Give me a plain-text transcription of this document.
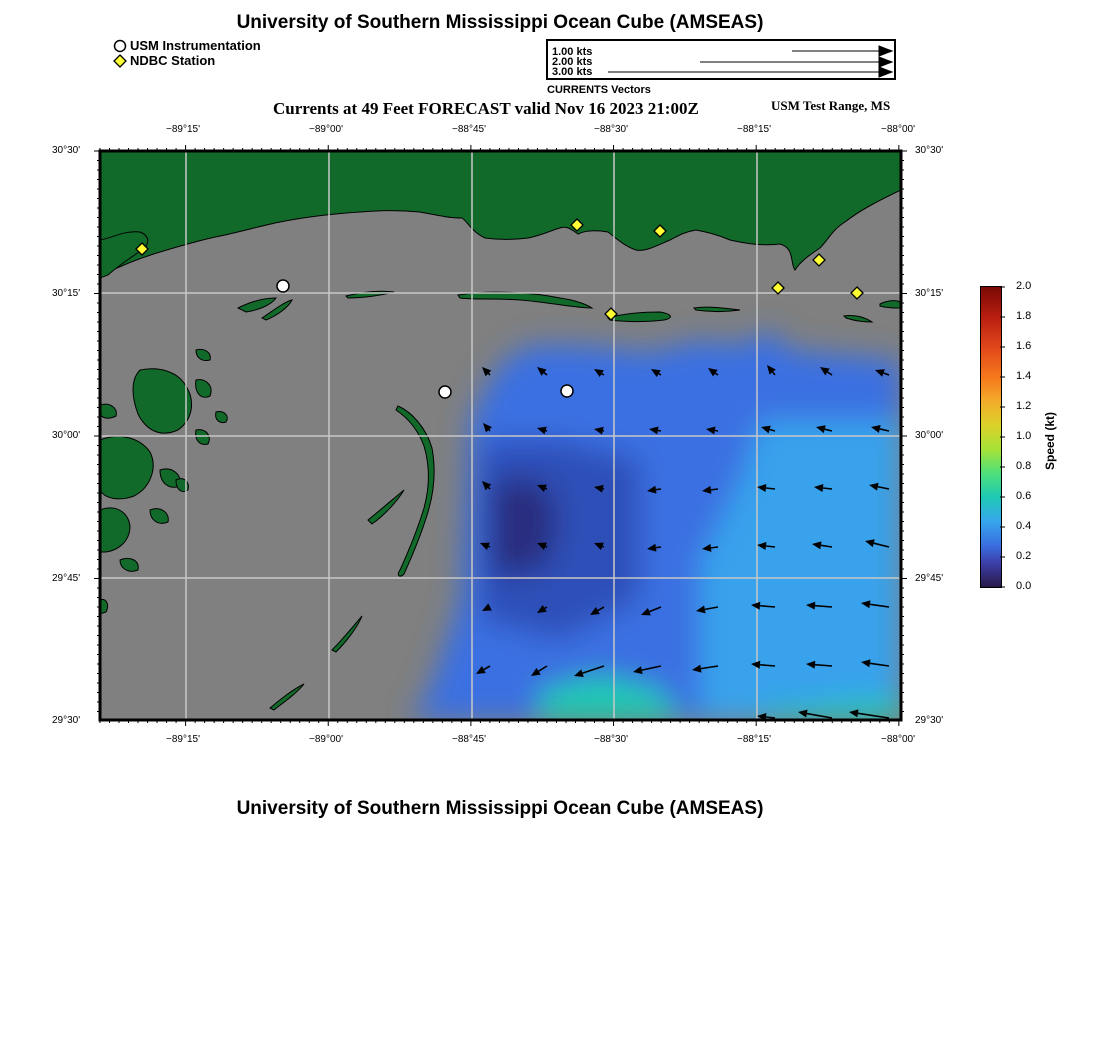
University of Southern Mississippi Ocean Cube (AMSEAS)
USM Instrumentation
NDBC Station
1.00 kts
2.00 kts
3.00 kts
CURRENTS Vectors
Currents at 49 Feet FORECAST valid Nov 16 2023 21:00Z	USM Test Range, MS
−89°15'	−89°00'	−88°45'	−88°30'	−88°15'	−88°00'
−89°15'	−89°00'	−88°45'	−88°30'	−88°15'	−88°00'
30°30'
30°15'
30°00'
29°45'
29°30'
30°30'
30°15'
30°00'
29°45'
29°30'
2.0
1.8
1.6
1.4
1.2
1.0
0.8
0.6
0.4
0.2
0.0
Speed (kt)
University of Southern Mississippi Ocean Cube (AMSEAS)
